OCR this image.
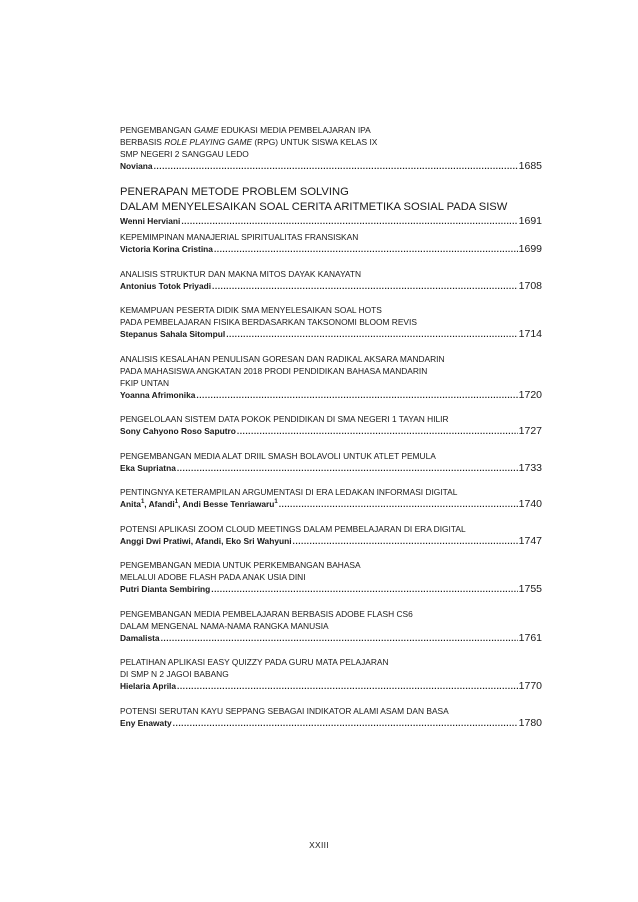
PENGEMBANGAN GAME EDUKASI MEDIA PEMBELAJARAN IPA
BERBASIS ROLE PLAYING GAME (RPG) UNTUK SISWA KELAS IX
SMP NEGERI 2 SANGGAU LEDO
Noviana .....	1685
PENERAPAN METODE PROBLEM SOLVING
DALAM MENYELESAIKAN SOAL CERITA ARITMETIKA SOSIAL PADA SISW
Wenni Herviani .....	1691
KEPEMIMPINAN MANAJERIAL SPIRITUALITAS FRANSISKAN
Victoria Korina Cristina .....	1699
ANALISIS STRUKTUR DAN MAKNA MITOS DAYAK KANAYATN
Antonius Totok Priyadi .....	1708
KEMAMPUAN PESERTA DIDIK SMA MENYELESAIKAN SOAL HOTS
PADA PEMBELAJARAN FISIKA BERDASARKAN TAKSONOMI BLOOM REVIS
Stepanus Sahala Sitompul .....	1714
ANALISIS KESALAHAN PENULISAN GORESAN DAN RADIKAL AKSARA MANDARIN
PADA MAHASISWA ANGKATAN 2018 PRODI PENDIDIKAN BAHASA MANDARIN
FKIP UNTAN
Yoanna Afrimonika .....	1720
PENGELOLAAN SISTEM DATA POKOK PENDIDIKAN DI SMA NEGERI 1 TAYAN HILIR
Sony Cahyono Roso Saputro .....	1727
PENGEMBANGAN MEDIA ALAT DRIIL SMASH BOLAVOLI UNTUK ATLET PEMULA
Eka Supriatna .....	1733
PENTINGNYA KETERAMPILAN ARGUMENTASI DI ERA LEDAKAN INFORMASI DIGITAL
Anita$^1$, Afandi$^1$, Andi Besse Tenriawaru$^1$ .....	1740
POTENSI APLIKASI ZOOM CLOUD MEETINGS DALAM PEMBELAJARAN DI ERA DIGITAL
Anggi Dwi Pratiwi, Afandi, Eko Sri Wahyuni .....	1747
PENGEMBANGAN MEDIA UNTUK PERKEMBANGAN BAHASA
MELALUI ADOBE FLASH PADA ANAK USIA DINI
Putri Dianta Sembiring .....	1755
PENGEMBANGAN MEDIA PEMBELAJARAN BERBASIS ADOBE FLASH CS6
DALAM MENGENAL NAMA-NAMA RANGKA MANUSIA
Damalista .....	1761
PELATIHAN APLIKASI EASY QUIZZY PADA GURU MATA PELAJARAN
DI SMP N 2 JAGOI BABANG
Hielaria Aprila .....	1770
POTENSI SERUTAN KAYU SEPPANG SEBAGAI INDIKATOR ALAMI ASAM DAN BASA
Eny Enawaty .....	1780
XXIII
